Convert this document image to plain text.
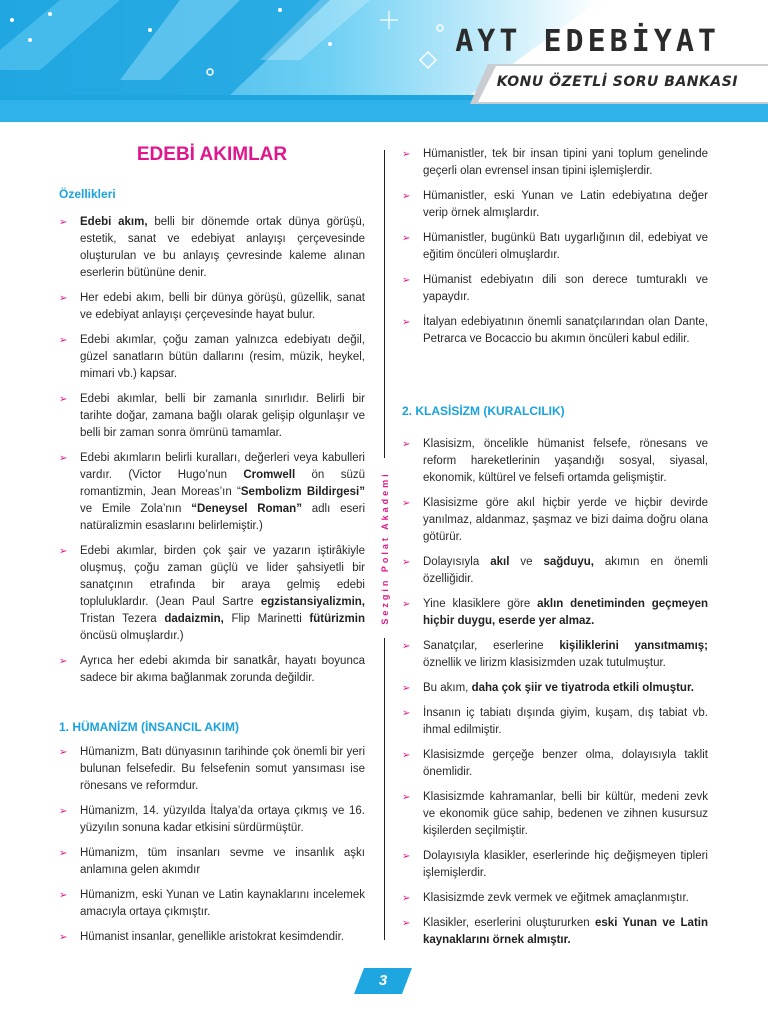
AYT EDEBİYAT
KONU ÖZETLİ SORU BANKASI
EDEBİ AKIMLAR
Özellikleri
➢ Edebi akım, belli bir dönemde ortak dünya görüşü, estetik, sanat ve edebiyat anlayışı çerçevesinde oluşturulan ve bu anlayış çevresinde kaleme alınan eserlerin bütününe denir.
➢ Her edebi akım, belli bir dünya görüşü, güzellik, sanat ve edebiyat anlayışı çerçevesinde hayat bulur.
➢ Edebi akımlar, çoğu zaman yalnızca edebiyatı değil, güzel sanatların bütün dallarını (resim, müzik, heykel, mimari vb.) kapsar.
➢ Edebi akımlar, belli bir zamanla sınırlıdır. Belirli bir tarihte doğar, zamana bağlı olarak gelişip olgunlaşır ve belli bir zaman sonra ömrünü tamamlar.
➢ Edebi akımların belirli kuralları, değerleri veya kabulleri vardır. (Victor Hugo’nun Cromwell ön süzü romantizmin, Jean Moreas’ın “Sembolizm Bildirgesi” ve Emile Zola’nın “Deneysel Roman” adlı eseri natüralizmin esaslarını belirlemiştir.)
➢ Edebi akımlar, birden çok şair ve yazarın iştirâkiyle oluşmuş, çoğu zaman güçlü ve lider şahsiyetli bir sanatçının etrafında bir araya gelmiş edebi topluluklardır. (Jean Paul Sartre egzistansiyalizmin, Tristan Tezera dadaizmin, Flip Marinetti fütürizmin öncüsü olmuşlardır.)
➢ Ayrıca her edebi akımda bir sanatkâr, hayatı boyunca sadece bir akıma bağlanmak zorunda değildir.
1. HÜMANİZM (İNSANCIL AKIM)
➢ Hümanizm, Batı dünyasının tarihinde çok önemli bir yeri bulunan felsefedir. Bu felsefenin somut yansıması ise rönesans ve reformdur.
➢ Hümanizm, 14. yüzyılda İtalya’da ortaya çıkmış ve 16. yüzyılın sonuna kadar etkisini sürdürmüştür.
➢ Hümanizm, tüm insanları sevme ve insanlık aşkı anlamına gelen akımdır
➢ Hümanizm, eski Yunan ve Latin kaynaklarını incelemek amacıyla ortaya çıkmıştır.
➢ Hümanist insanlar, genellikle aristokrat kesimdendir.
Sezgin Polat Akademi
➢ Hümanistler, tek bir insan tipini yani toplum genelinde geçerli olan evrensel insan tipini işlemişlerdir.
➢ Hümanistler, eski Yunan ve Latin edebiyatına değer verip örnek almışlardır.
➢ Hümanistler, bugünkü Batı uygarlığının dil, edebiyat ve eğitim öncüleri olmuşlardır.
➢ Hümanist edebiyatın dili son derece tumturaklı ve yapaydır.
➢ İtalyan edebiyatının önemli sanatçılarından olan Dante, Petrarca ve Bocaccio bu akımın öncüleri kabul edilir.
2. KLASİSİZM (KURALCILIK)
➢ Klasisizm, öncelikle hümanist felsefe, rönesans ve reform hareketlerinin yaşandığı sosyal, siyasal, ekonomik, kültürel ve felsefi ortamda gelişmiştir.
➢ Klasisizme göre akıl hiçbir yerde ve hiçbir devirde yanılmaz, aldanmaz, şaşmaz ve bizi daima doğru olana götürür.
➢ Dolayısıyla akıl ve sağduyu, akımın en önemli özelliğidir.
➢ Yine klasiklere göre aklın denetiminden geçmeyen hiçbir duygu, eserde yer almaz.
➢ Sanatçılar, eserlerine kişiliklerini yansıtmamış; öznellik ve lirizm klasisizmden uzak tutulmuştur.
➢ Bu akım, daha çok şiir ve tiyatroda etkili olmuştur.
➢ İnsanın iç tabiatı dışında giyim, kuşam, dış tabiat vb. ihmal edilmiştir.
➢ Klasisizmde gerçeğe benzer olma, dolayısıyla taklit önemlidir.
➢ Klasisizmde kahramanlar, belli bir kültür, medeni zevk ve ekonomik güce sahip, bedenen ve zihnen kusursuz kişilerden seçilmiştir.
➢ Dolayısıyla klasikler, eserlerinde hiç değişmeyen tipleri işlemişlerdir.
➢ Klasisizmde zevk vermek ve eğitmek amaçlanmıştır.
➢ Klasikler, eserlerini oluştururken eski Yunan ve Latin kaynaklarını örnek almıştır.
3
